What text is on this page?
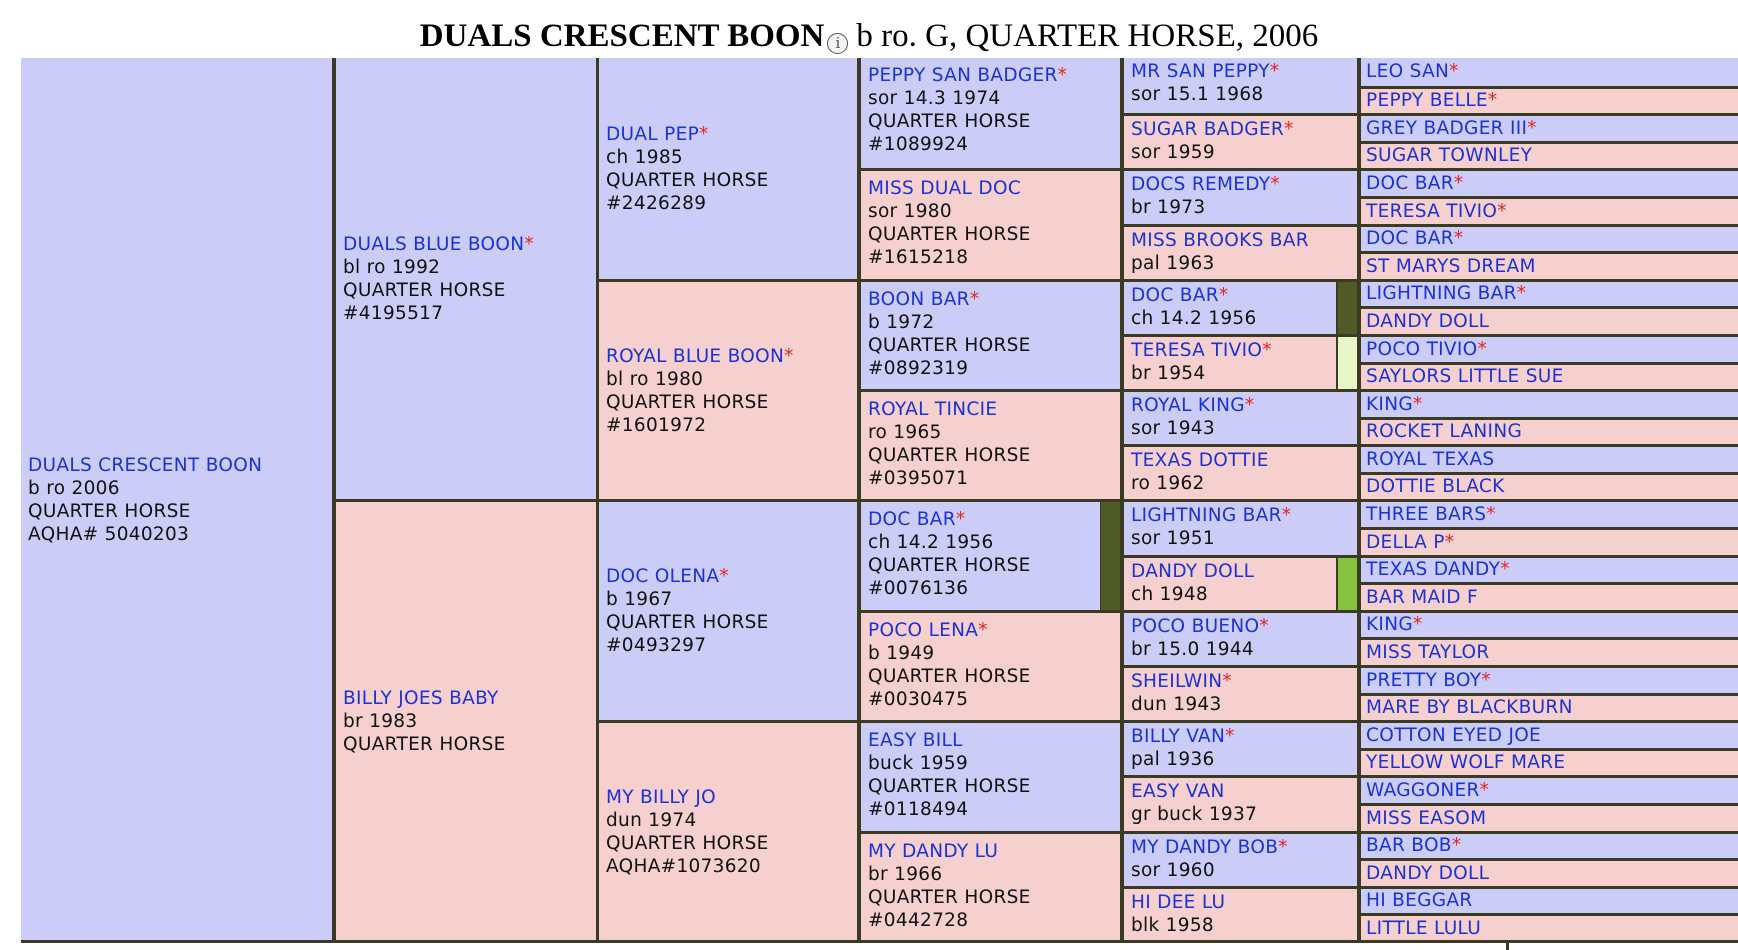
DUALS CRESCENT BOON i b ro. G, QUARTER HORSE, 2006
DUALS CRESCENT BOON
b ro 2006
QUARTER HORSE
AQHA# 5040203
DUALS BLUE BOON*
bl ro 1992
QUARTER HORSE
#4195517
BILLY JOES BABY
br 1983
QUARTER HORSE
DUAL PEP*
ch 1985
QUARTER HORSE
#2426289
ROYAL BLUE BOON*
bl ro 1980
QUARTER HORSE
#1601972
DOC OLENA*
b 1967
QUARTER HORSE
#0493297
MY BILLY JO
dun 1974
QUARTER HORSE
AQHA#1073620
PEPPY SAN BADGER*
sor 14.3 1974
QUARTER HORSE
#1089924
MISS DUAL DOC
sor 1980
QUARTER HORSE
#1615218
BOON BAR*
b 1972
QUARTER HORSE
#0892319
ROYAL TINCIE
ro 1965
QUARTER HORSE
#0395071
DOC BAR*
ch 14.2 1956
QUARTER HORSE
#0076136
POCO LENA*
b 1949
QUARTER HORSE
#0030475
EASY BILL
buck 1959
QUARTER HORSE
#0118494
MY DANDY LU
br 1966
QUARTER HORSE
#0442728
MR SAN PEPPY*
sor 15.1 1968
SUGAR BADGER*
sor 1959
DOCS REMEDY*
br 1973
MISS BROOKS BAR
pal 1963
DOC BAR*
ch 14.2 1956
TERESA TIVIO*
br 1954
ROYAL KING*
sor 1943
TEXAS DOTTIE
ro 1962
LIGHTNING BAR*
sor 1951
DANDY DOLL
ch 1948
POCO BUENO*
br 15.0 1944
SHEILWIN*
dun 1943
BILLY VAN*
pal 1936
EASY VAN
gr buck 1937
MY DANDY BOB*
sor 1960
HI DEE LU
blk 1958
LEO SAN*
PEPPY BELLE*
GREY BADGER III*
SUGAR TOWNLEY
DOC BAR*
TERESA TIVIO*
DOC BAR*
ST MARYS DREAM
LIGHTNING BAR*
DANDY DOLL
POCO TIVIO*
SAYLORS LITTLE SUE
KING*
ROCKET LANING
ROYAL TEXAS
DOTTIE BLACK
THREE BARS*
DELLA P*
TEXAS DANDY*
BAR MAID F
KING*
MISS TAYLOR
PRETTY BOY*
MARE BY BLACKBURN
COTTON EYED JOE
YELLOW WOLF MARE
WAGGONER*
MISS EASOM
BAR BOB*
DANDY DOLL
HI BEGGAR
LITTLE LULU
